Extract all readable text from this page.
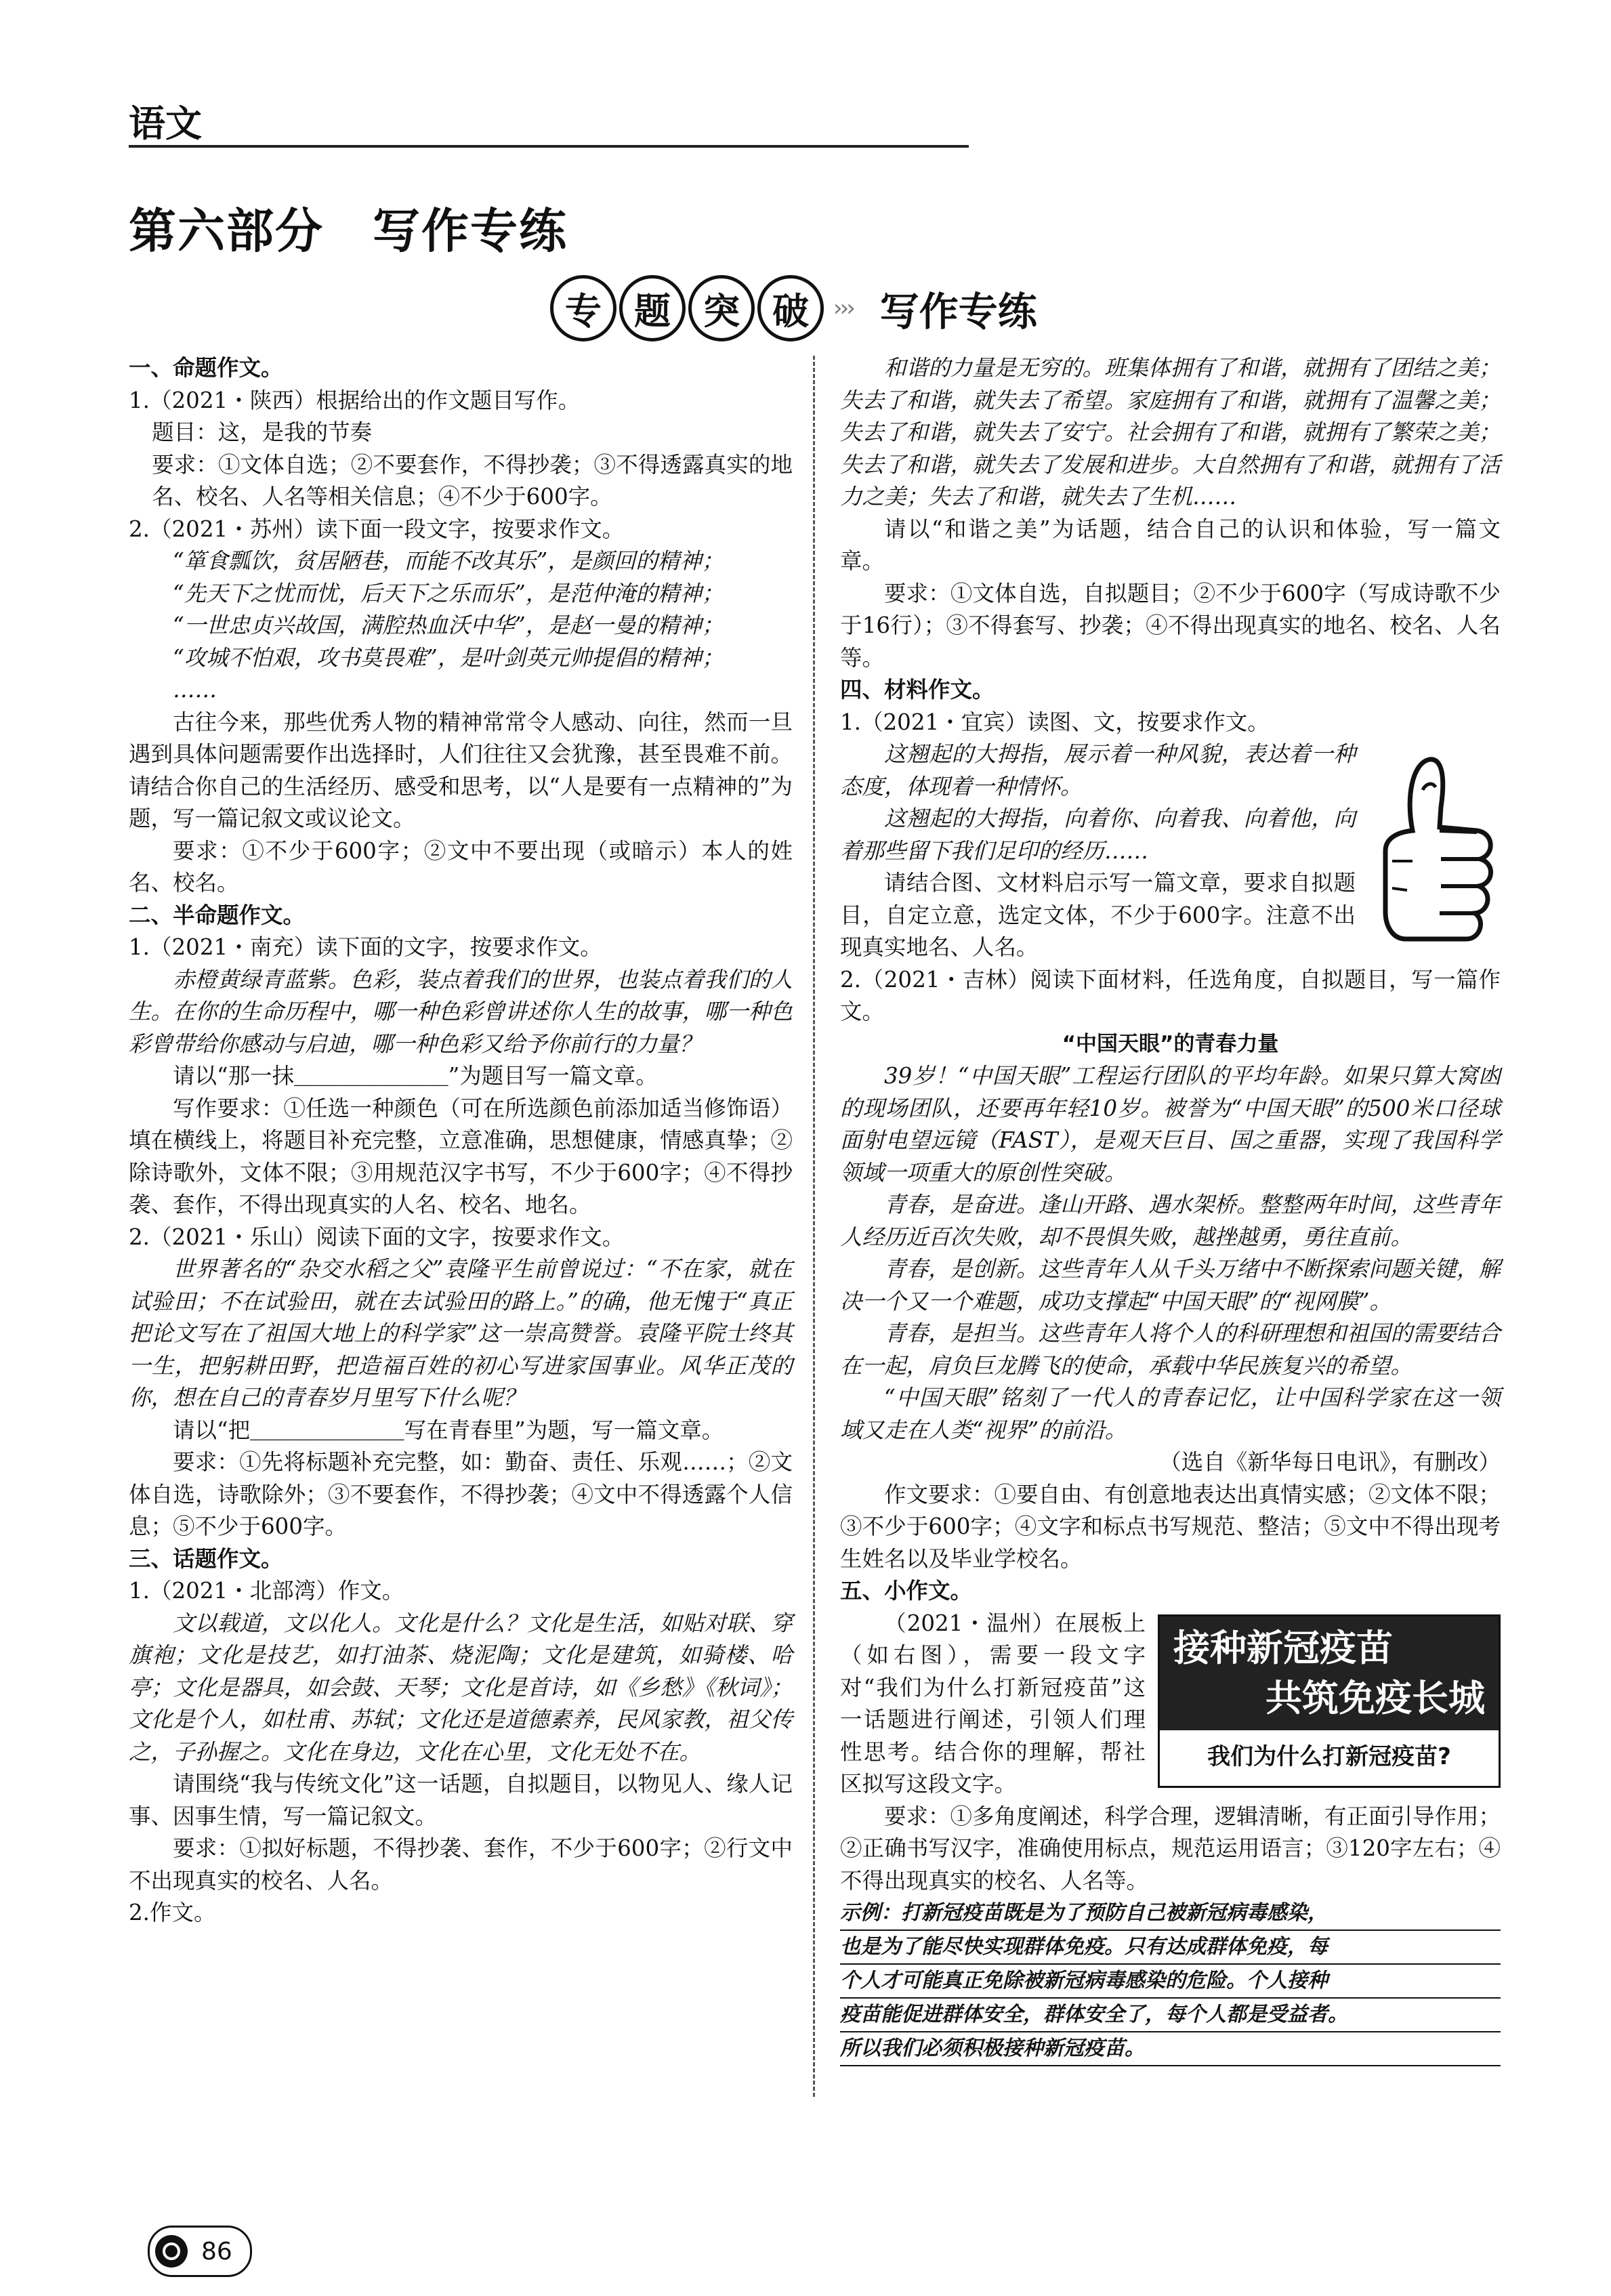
语文
第六部分　写作专练
专 题 突 破	››› 写作专练

一、命题作文。

1.（2021・陕西）根据给出的作文题目写作。

题目：这，是我的节奏

要求：①文体自选；②不要套作，不得抄袭；③不得透露真实的地名、校名、人名等相关信息；④不少于600字。

2.（2021・苏州）读下面一段文字，按要求作文。

“箪食瓢饮，贫居陋巷，而能不改其乐”，是颜回的精神；

“先天下之忧而忧，后天下之乐而乐”，是范仲淹的精神；

“一世忠贞兴故国，满腔热血沃中华”，是赵一曼的精神；

“攻城不怕艰，攻书莫畏难”，是叶剑英元帅提倡的精神；

……

古往今来，那些优秀人物的精神常常令人感动、向往，然而一旦遇到具体问题需要作出选择时，人们往往又会犹豫，甚至畏难不前。请结合你自己的生活经历、感受和思考，以“人是要有一点精神的”为题，写一篇记叙文或议论文。

要求：①不少于600字；②文中不要出现（或暗示）本人的姓名、校名。

二、半命题作文。

1.（2021・南充）读下面的文字，按要求作文。

赤橙黄绿青蓝紫。色彩，装点着我们的世界，也装点着我们的人生。在你的生命历程中，哪一种色彩曾讲述你人生的故事，哪一种色彩曾带给你感动与启迪，哪一种色彩又给予你前行的力量？

请以“那一抹＿＿＿＿＿＿＿”为题目写一篇文章。

写作要求：①任选一种颜色（可在所选颜色前添加适当修饰语）填在横线上，将题目补充完整，立意准确，思想健康，情感真挚；②除诗歌外，文体不限；③用规范汉字书写，不少于600字；④不得抄袭、套作，不得出现真实的人名、校名、地名。

2.（2021・乐山）阅读下面的文字，按要求作文。

世界著名的“杂交水稻之父”袁隆平生前曾说过：“不在家，就在试验田；不在试验田，就在去试验田的路上。”的确，他无愧于“真正把论文写在了祖国大地上的科学家”这一崇高赞誉。袁隆平院士终其一生，把躬耕田野，把造福百姓的初心写进家国事业。风华正茂的你，想在自己的青春岁月里写下什么呢？

请以“把＿＿＿＿＿＿＿写在青春里”为题，写一篇文章。

要求：①先将标题补充完整，如：勤奋、责任、乐观……；②文体自选，诗歌除外；③不要套作，不得抄袭；④文中不得透露个人信息；⑤不少于600字。

三、话题作文。

1.（2021・北部湾）作文。

文以载道，文以化人。文化是什么？文化是生活，如贴对联、穿旗袍；文化是技艺，如打油茶、烧泥陶；文化是建筑，如骑楼、哈亭；文化是器具，如会鼓、天琴；文化是首诗，如《乡愁》《秋词》；文化是个人，如杜甫、苏轼；文化还是道德素养，民风家教，祖父传之，子孙握之。文化在身边，文化在心里，文化无处不在。

请围绕“我与传统文化”这一话题，自拟题目，以物见人、缘人记事、因事生情，写一篇记叙文。

要求：①拟好标题，不得抄袭、套作，不少于600字；②行文中不出现真实的校名、人名。

2.作文。

和谐的力量是无穷的。班集体拥有了和谐，就拥有了团结之美；失去了和谐，就失去了希望。家庭拥有了和谐，就拥有了温馨之美；失去了和谐，就失去了安宁。社会拥有了和谐，就拥有了繁荣之美；失去了和谐，就失去了发展和进步。大自然拥有了和谐，就拥有了活力之美；失去了和谐，就失去了生机……

请以“和谐之美”为话题，结合自己的认识和体验，写一篇文章。

要求：①文体自选，自拟题目；②不少于600字（写成诗歌不少于16行）；③不得套写、抄袭；④不得出现真实的地名、校名、人名等。

四、材料作文。

1.（2021・宜宾）读图、文，按要求作文。

这翘起的大拇指，展示着一种风貌，表达着一种态度，体现着一种情怀。

这翘起的大拇指，向着你、向着我、向着他，向着那些留下我们足印的经历……

请结合图、文材料启示写一篇文章，要求自拟题目，自定立意，选定文体，不少于600字。注意不出现真实地名、人名。

2.（2021・吉林）阅读下面材料，任选角度，自拟题目，写一篇作文。

“中国天眼”的青春力量

39岁！“中国天眼”工程运行团队的平均年龄。如果只算大窝凼的现场团队，还要再年轻10岁。被誉为“中国天眼”的500米口径球面射电望远镜（FAST），是观天巨目、国之重器，实现了我国科学领域一项重大的原创性突破。

青春，是奋进。逢山开路、遇水架桥。整整两年时间，这些青年人经历近百次失败，却不畏惧失败，越挫越勇，勇往直前。

青春，是创新。这些青年人从千头万绪中不断探索问题关键，解决一个又一个难题，成功支撑起“中国天眼”的“视网膜”。

青春，是担当。这些青年人将个人的科研理想和祖国的需要结合在一起，肩负巨龙腾飞的使命，承载中华民族复兴的希望。

“中国天眼”铭刻了一代人的青春记忆，让中国科学家在这一领域又走在人类“视界”的前沿。

（选自《新华每日电讯》，有删改）

作文要求：①要自由、有创意地表达出真情实感；②文体不限；③不少于600字；④文字和标点书写规范、整洁；⑤文中不得出现考生姓名以及毕业学校名。

五、小作文。

接种新冠疫苗
共筑免疫长城
我们为什么打新冠疫苗?

（2021・温州）在展板上（如右图），需要一段文字对“我们为什么打新冠疫苗”这一话题进行阐述，引领人们理性思考。结合你的理解，帮社区拟写这段文字。

要求：①多角度阐述，科学合理，逻辑清晰，有正面引导作用；②正确书写汉字，准确使用标点，规范运用语言；③120字左右；④不得出现真实的校名、人名等。

示例：打新冠疫苗既是为了预防自己被新冠病毒感染，
也是为了能尽快实现群体免疫。只有达成群体免疫，每
个人才可能真正免除被新冠病毒感染的危险。个人接种
疫苗能促进群体安全，群体安全了，每个人都是受益者。
所以我们必须积极接种新冠疫苗。
86
